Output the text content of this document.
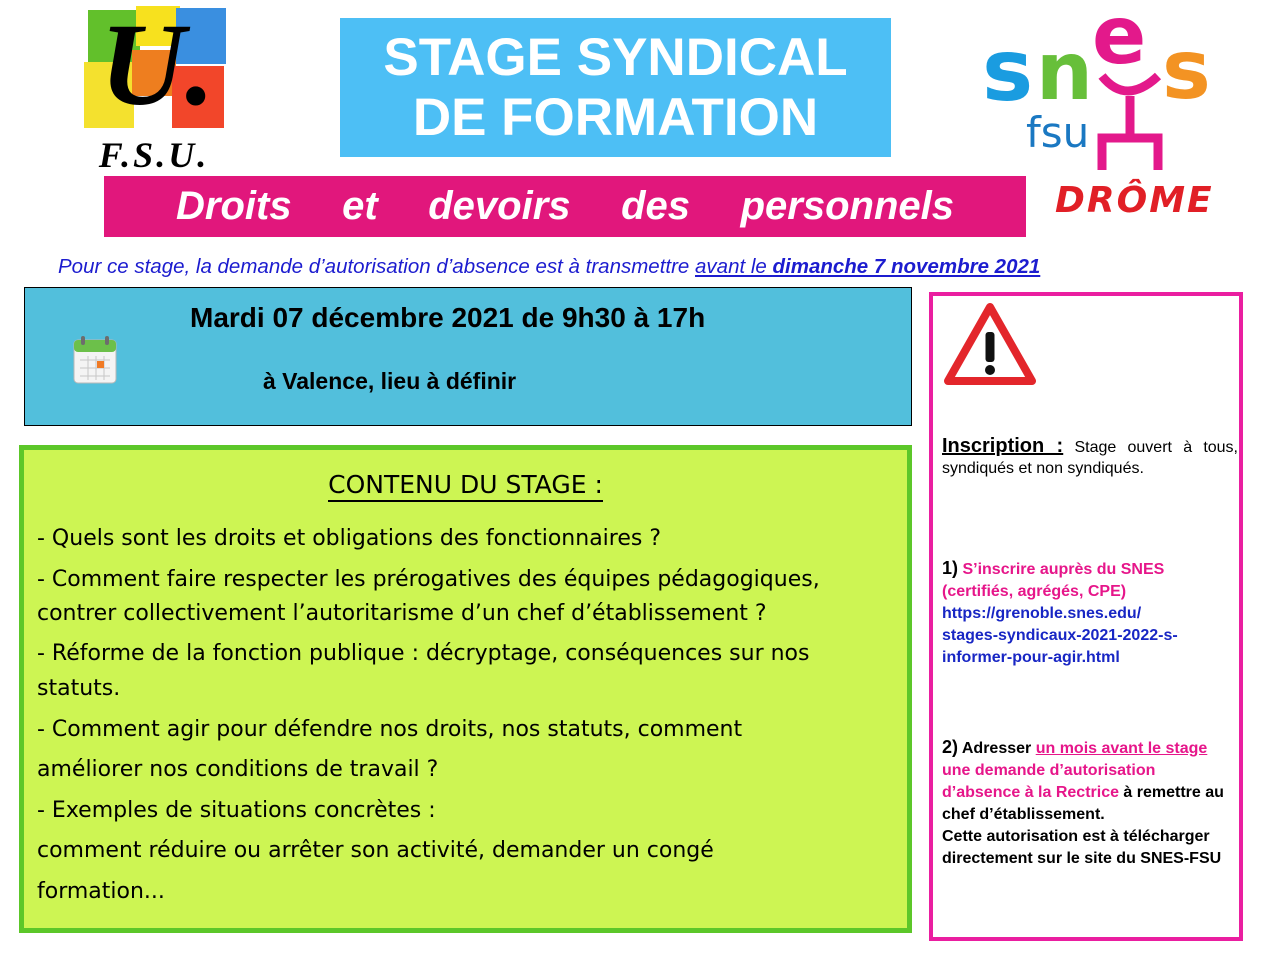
U.
F.S.U.
STAGE SYNDICAL
DE FORMATION	s n e s
fsu
Droits et devoirs des personnels	DRÔME
Pour ce stage, la demande d’autorisation d’absence est à transmettre avant le dimanche 7 novembre 2021
Mardi 07 décembre 2021 de 9h30 à 17h
à Valence, lieu à définir
CONTENU DU STAGE :
- Quels sont les droits et obligations des fonctionnaires ?
- Comment faire respecter les prérogatives des équipes pédagogiques,
contrer collectivement l’autoritarisme d’un chef d’établissement ?
- Réforme de la fonction publique : décryptage, conséquences sur nos
statuts.
- Comment agir pour défendre nos droits, nos statuts, comment
améliorer nos conditions de travail ?
- Exemples de situations concrètes :
comment réduire ou arrêter son activité, demander un congé
formation...
Inscription : Stage ouvert à tous, syndiqués et non syndiqués.
1) S’inscrire auprès du SNES (certifiés, agrégés, CPE)
https://grenoble.snes.edu/
stages-syndicaux-2021-2022-s-
informer-pour-agir.html
2) Adresser un mois avant le stage une demande d’autorisation d’absence à la Rectrice à remettre au chef d’établissement.
Cette autorisation est à télécharger directement sur le site du SNES-FSU
